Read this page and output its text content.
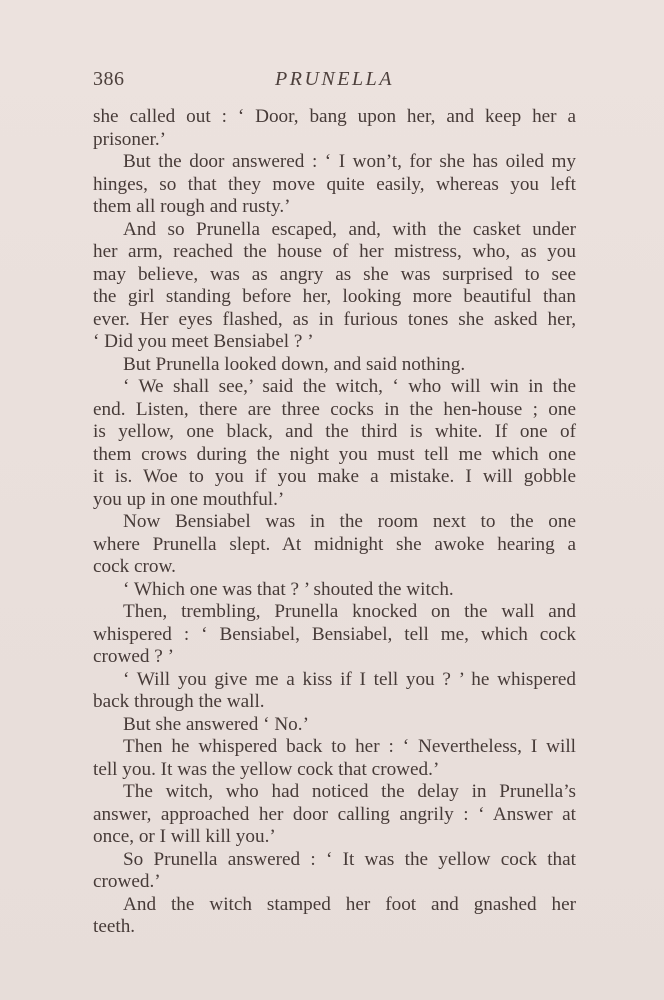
386	PRUNELLA
she called out : ‘ Door, bang upon her, and keep her a
prisoner.’
But the door answered : ‘ I won’t, for she has oiled my
hinges, so that they move quite easily, whereas you left
them all rough and rusty.’
And so Prunella escaped, and, with the casket under
her arm, reached the house of her mistress, who, as you
may believe, was as angry as she was surprised to see
the girl standing before her, looking more beautiful than
ever. Her eyes flashed, as in furious tones she asked her,
‘ Did you meet Bensiabel ? ’
But Prunella looked down, and said nothing.
‘ We shall see,’ said the witch, ‘ who will win in the
end. Listen, there are three cocks in the hen-house ; one
is yellow, one black, and the third is white. If one of
them crows during the night you must tell me which one
it is. Woe to you if you make a mistake. I will gobble
you up in one mouthful.’
Now Bensiabel was in the room next to the one
where Prunella slept. At midnight she awoke hearing a
cock crow.
‘ Which one was that ? ’ shouted the witch.
Then, trembling, Prunella knocked on the wall and
whispered : ‘ Bensiabel, Bensiabel, tell me, which cock
crowed ? ’
‘ Will you give me a kiss if I tell you ? ’ he whispered
back through the wall.
But she answered ‘ No.’
Then he whispered back to her : ‘ Nevertheless, I will
tell you. It was the yellow cock that crowed.’
The witch, who had noticed the delay in Prunella’s
answer, approached her door calling angrily : ‘ Answer at
once, or I will kill you.’
So Prunella answered : ‘ It was the yellow cock that
crowed.’
And the witch stamped her foot and gnashed her
teeth.
